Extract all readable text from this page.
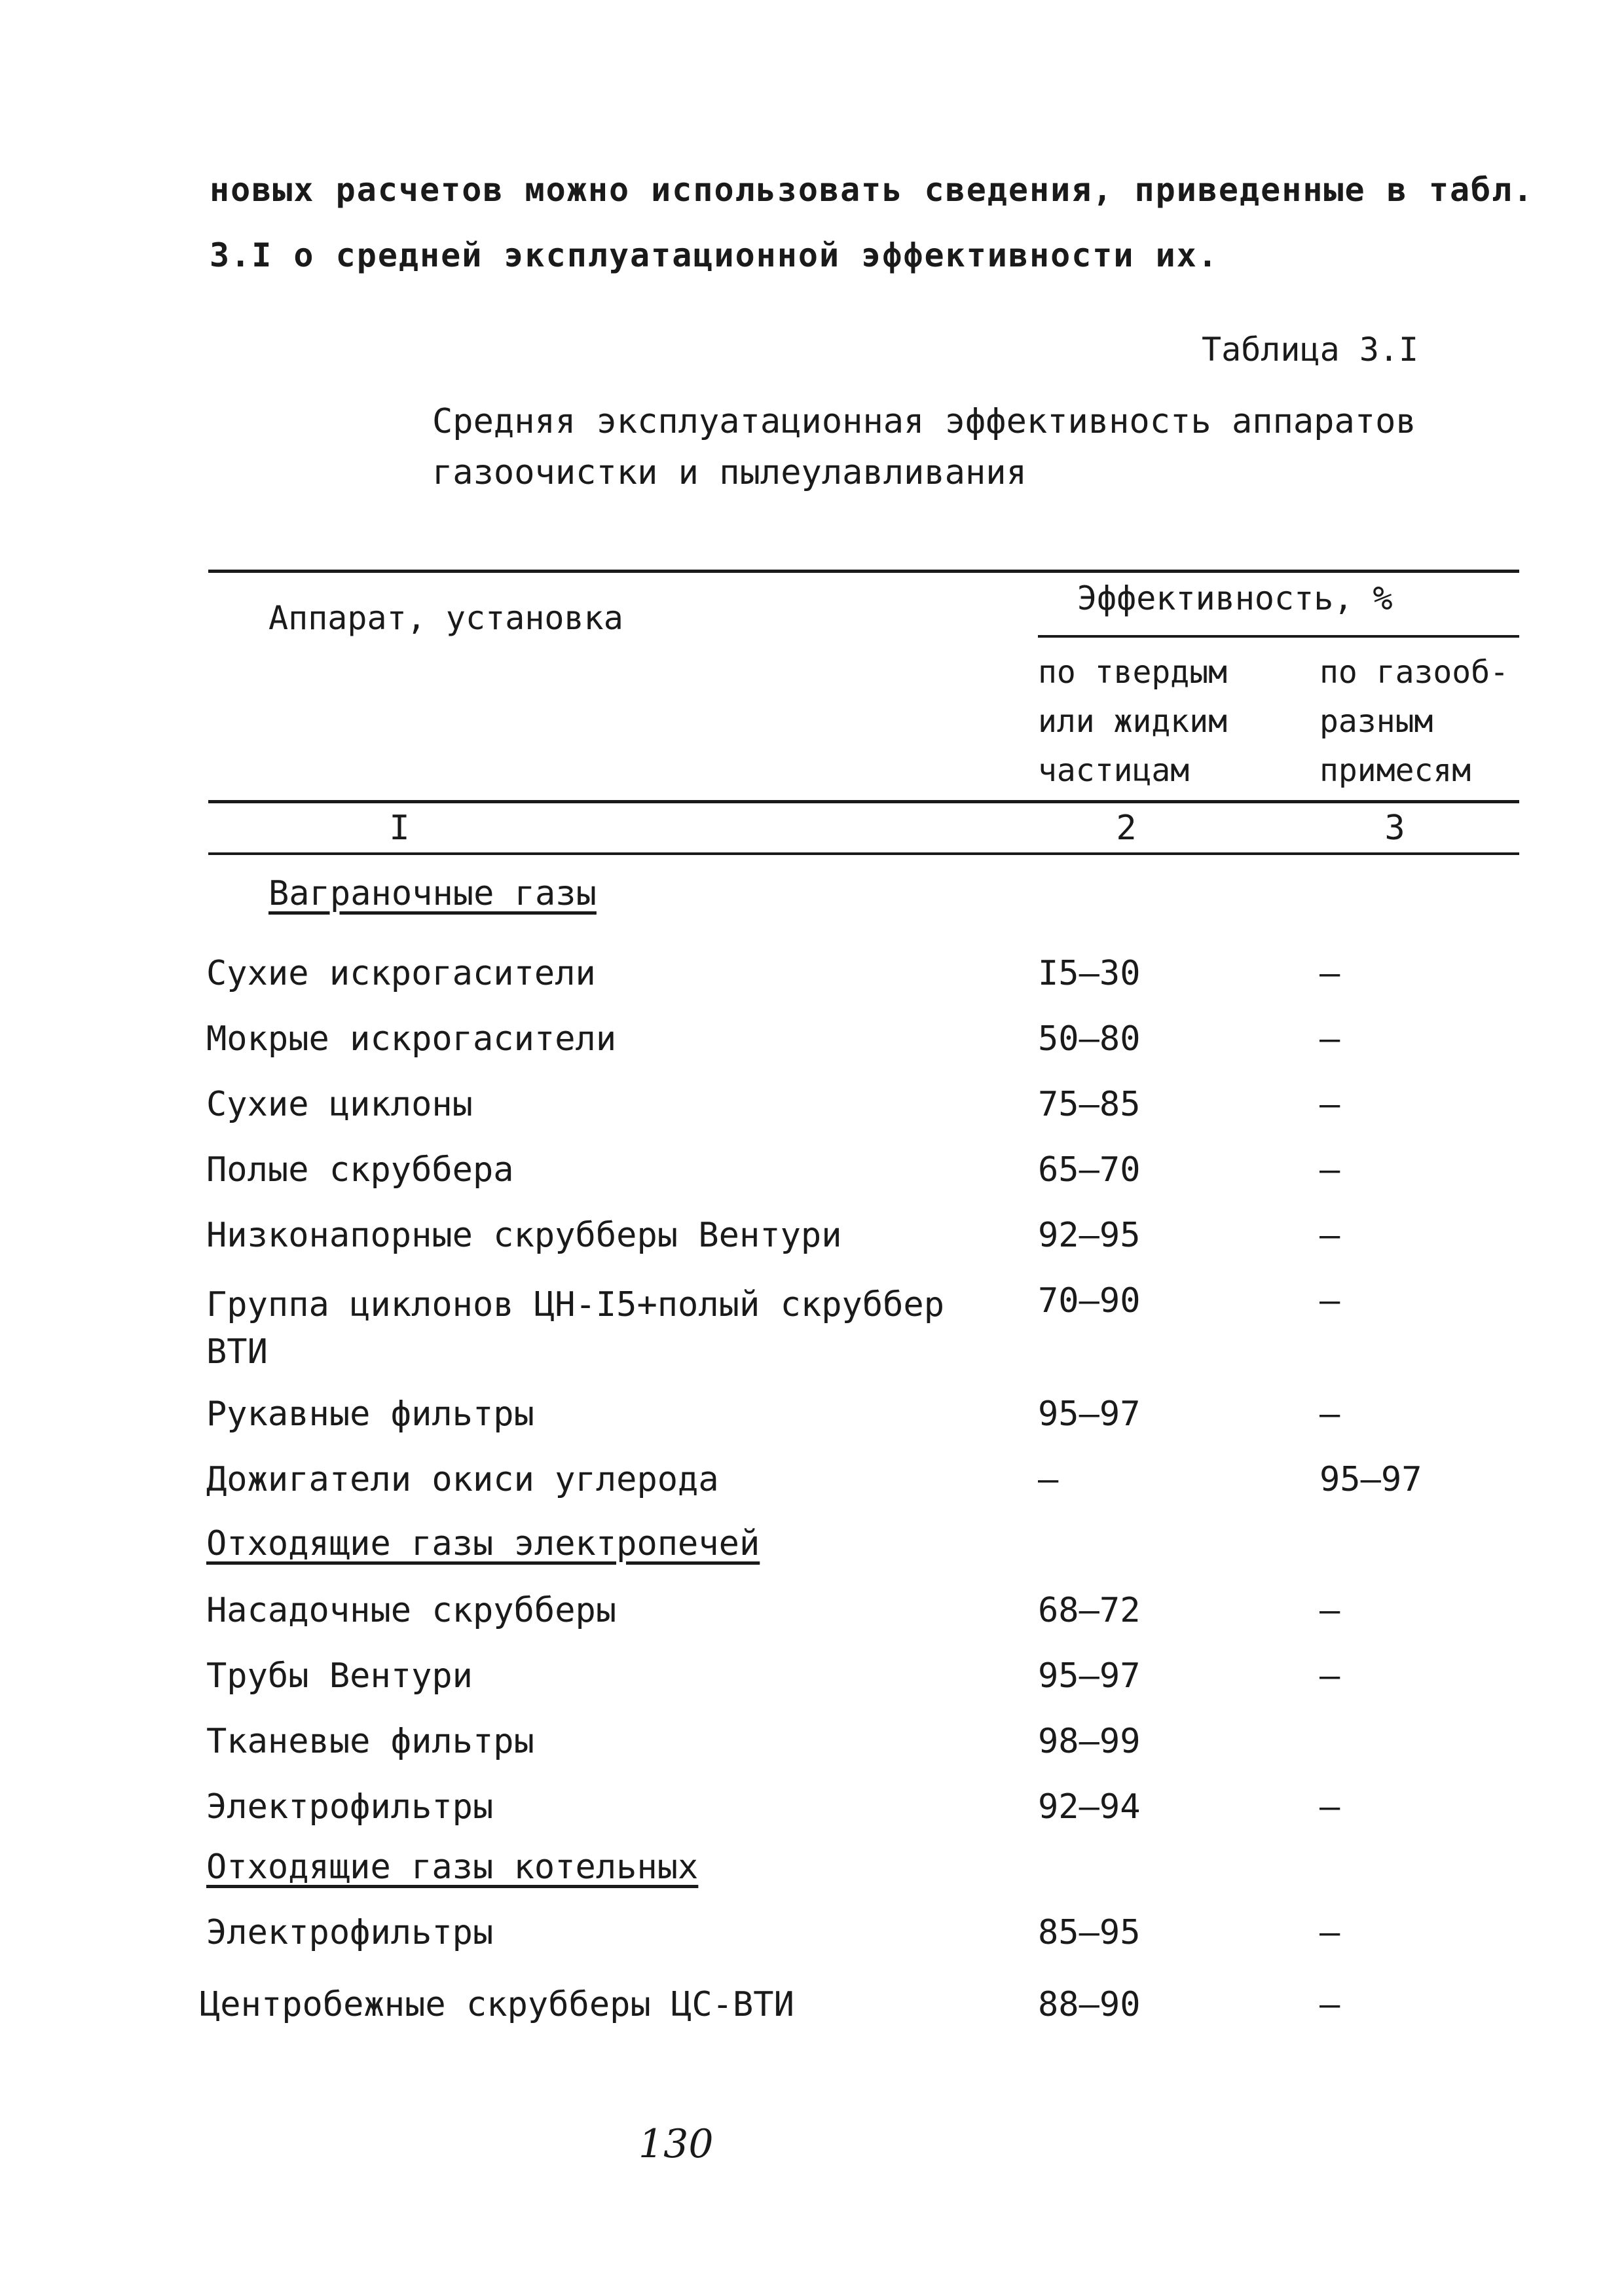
новых расчетов можно использовать сведения, приведенные в табл.
3.I о средней эксплуатационной эффективности их.
Таблица 3.I
Средняя эксплуатационная эффективность аппаратов
газоочистки и пылеулавливания
Аппарат, установка
Эффективность, %
по твердым
или жидким
частицам
по газооб-
разным
примесям
I	2	3
Ваграночные газы
Сухие искрогасители	I5–30	–
Мокрые искрогасители	50–80	–
Сухие циклоны	75–85	–
Полые скруббера	65–70	–
Низконапорные скрубберы Вентури	92–95	–
Группа циклонов ЦН-I5+полый скруббер
ВТИ
70–90	–
Рукавные фильтры	95–97	–
Дожигатели окиси углерода	–	95–97
Отходящие газы электропечей
Насадочные скрубберы	68–72	–
Трубы Вентури	95–97	–
Тканевые фильтры	98–99
Электрофильтры	92–94	–
Отходящие газы котельных
Электрофильтры	85–95	–
Центробежные скрубберы ЦС-ВТИ	88–90	–
130
